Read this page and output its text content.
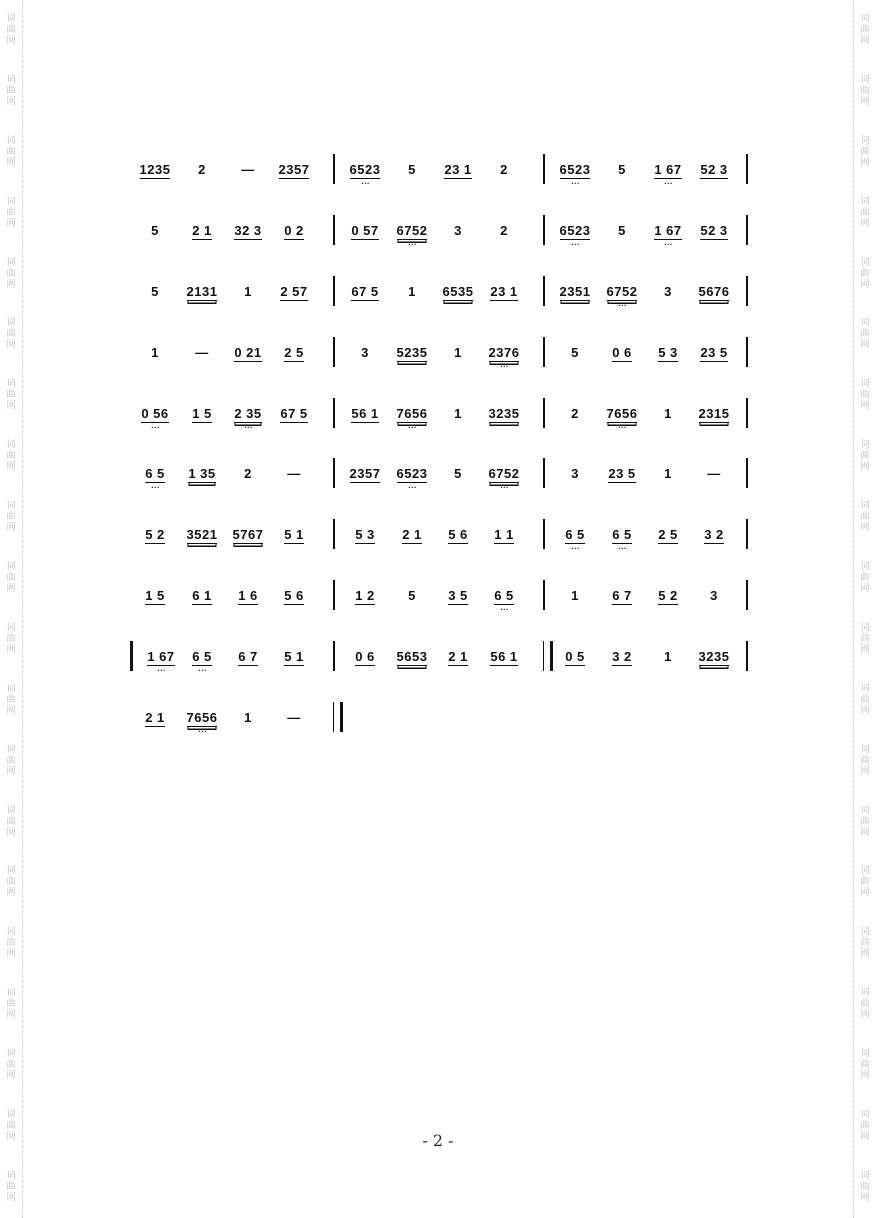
词
曲
网
词
曲
网
词
曲
网
词
曲
网
词
曲
网
词
曲
网
词
曲
网
词
曲
网
词
曲
网
词
曲
网
词
曲
网
词
曲
网
词
曲
网
词
曲
网
词
曲
网
词
曲
网
词
曲
网
词
曲
网
词
曲
网
词
曲
网
词
曲
网
词
曲
网
词
曲
网
词
曲
网
词
曲
网
词
曲
网
词
曲
网
词
曲
网
词
曲
网
词
曲
网
词
曲
网
词
曲
网
词
曲
网
词
曲
网
词
曲
网
词
曲
网
词
曲
网
词
曲
网
词
曲
网
词
曲
网
1235	2	—	2357	6523 · · ·	5	23 1	2	6523 · · ·	5	1 67 · · ·	52 3
5	2 1	32 3	0 2	0 57	6752 · · ·	3	2	6523 · · ·	5	1 67 · · ·	52 3
5	2131	1	2 57	67 5	1	6535	23 1	2351	6752 · · ·	3	5676
1	—	0 21	2 5	3	5235	1	2376 · · ·	5	0 6	5 3	23 5
0 56 · · ·	1 5	2 35 · · ·	67 5	56 1	7656 · · ·	1	3235	2	7656 · · ·	1	2315
6 5 · · ·	1 35	2	—	2357	6523 · · ·	5	6752 · · ·	3	23 5	1	—
5 2	3521	5767	5 1	5 3	2 1	5 6	1 1	6 5 · · ·	6 5 · · ·	2 5	3 2
1 5	6 1	1 6	5 6	1 2	5	3 5	6 5 · · ·	1	6 7	5 2	3
1 67 · · ·	6 5 · · ·	6 7	5 1	0 6	5653	2 1	56 1	0 5	3 2	1	3235
2 1	7656 · · ·	1	—
- 2 -
